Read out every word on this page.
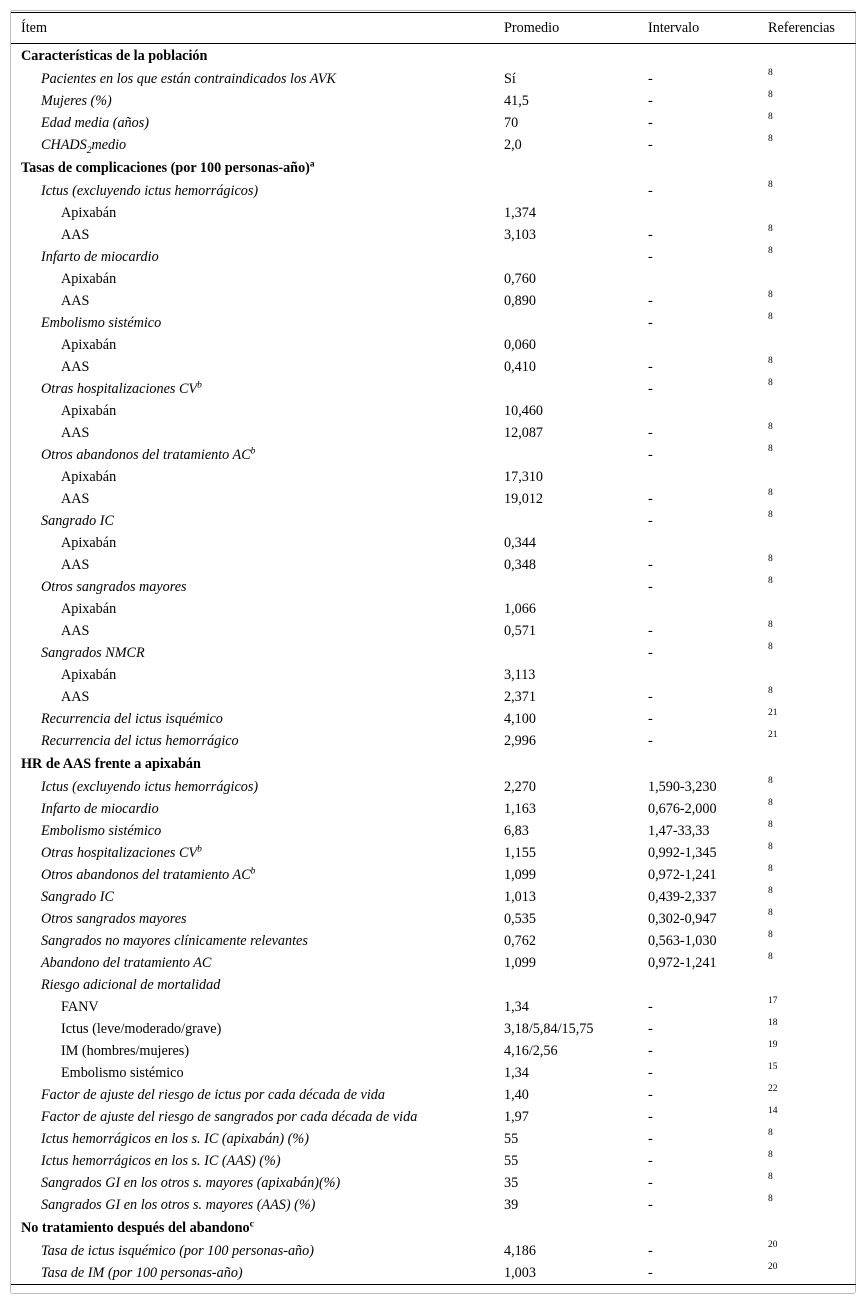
Ítem	Promedio	Intervalo	Referencias
Características de la población			
Pacientes en los que están contraindicados los AVK	Sí	-	8
Mujeres (%)	41,5	-	8
Edad media (años)	70	-	8
$CHADS_2medio$	2,0	-	8
Tasas de complicaciones (por 100 personas-año)$^a$			
Ictus (excluyendo ictus hemorrágicos)		-	8
Apixabán	1,374		
AAS	3,103	-	8
Infarto de miocardio		-	8
Apixabán	0,760		
AAS	0,890	-	8
Embolismo sistémico		-	8
Apixabán	0,060		
AAS	0,410	-	8
Otras hospitalizaciones $CV^b$		-	8
Apixabán	10,460		
AAS	12,087	-	8
Otros abandonos del tratamiento $AC^b$		-	8
Apixabán	17,310		
AAS	19,012	-	8
Sangrado IC		-	8
Apixabán	0,344		
AAS	0,348	-	8
Otros sangrados mayores		-	8
Apixabán	1,066		
AAS	0,571	-	8
Sangrados NMCR		-	8
Apixabán	3,113		
AAS	2,371	-	8
Recurrencia del ictus isquémico	4,100	-	21
Recurrencia del ictus hemorrágico	2,996	-	21
HR de AAS frente a apixabán			
Ictus (excluyendo ictus hemorrágicos)	2,270	1,590-3,230	8
Infarto de miocardio	1,163	0,676-2,000	8
Embolismo sistémico	6,83	1,47-33,33	8
Otras hospitalizaciones $CV^b$	1,155	0,992-1,345	8
Otros abandonos del tratamiento $AC^b$	1,099	0,972-1,241	8
Sangrado IC	1,013	0,439-2,337	8
Otros sangrados mayores	0,535	0,302-0,947	8
Sangrados no mayores clínicamente relevantes	0,762	0,563-1,030	8
Abandono del tratamiento AC	1,099	0,972-1,241	8
Riesgo adicional de mortalidad			
FANV	1,34	-	17
Ictus (leve/moderado/grave)	3,18/5,84/15,75	-	18
IM (hombres/mujeres)	4,16/2,56	-	19
Embolismo sistémico	1,34	-	15
Factor de ajuste del riesgo de ictus por cada década de vida	1,40	-	22
Factor de ajuste del riesgo de sangrados por cada década de vida	1,97	-	14
Ictus hemorrágicos en los s. IC (apixabán) (%)	55	-	8
Ictus hemorrágicos en los s. IC (AAS) (%)	55	-	8
Sangrados GI en los otros s. mayores (apixabán)(%)	35	-	8
Sangrados GI en los otros s. mayores (AAS) (%)	39	-	8
No tratamiento después del abandono$^c$			
Tasa de ictus isquémico (por 100 personas-año)	4,186	-	20
Tasa de IM (por 100 personas-año)	1,003	-	20
